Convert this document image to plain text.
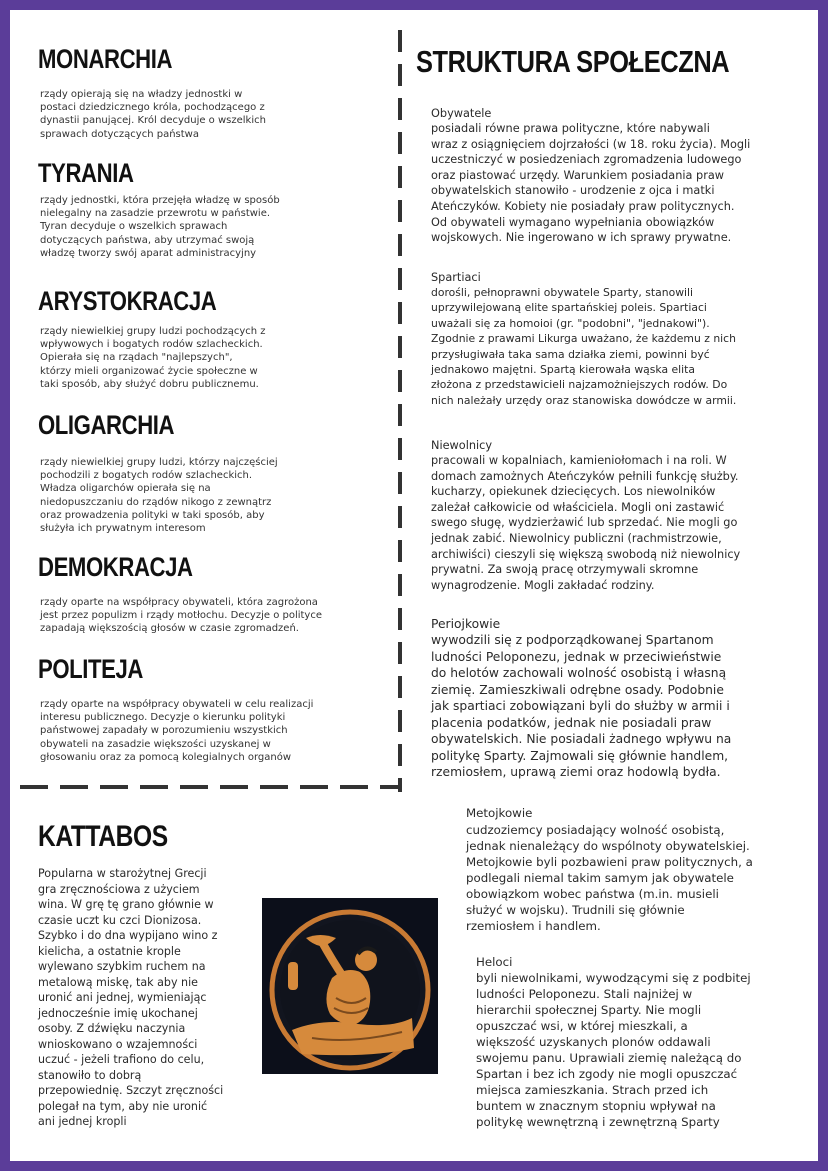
MONARCHIA

rządy opierają się na władzy jednostki w
postaci dziedzicznego króla, pochodzącego z
dynastii panującej. Król decyduje o wszelkich
sprawach dotyczących państwa

TYRANIA

rządy jednostki, która przejęła władzę w sposób
nielegalny na zasadzie przewrotu w państwie.
Tyran decyduje o wszelkich sprawach
dotyczących państwa, aby utrzymać swoją
władzę tworzy swój aparat administracyjny

ARYSTOKRACJA

rządy niewielkiej grupy ludzi pochodzących z
wpływowych i bogatych rodów szlacheckich.
Opierała się na rządach "najlepszych",
którzy mieli organizować życie społeczne w
taki sposób, aby służyć dobru publicznemu.

OLIGARCHIA

rządy niewielkiej grupy ludzi, którzy najczęściej
pochodzili z bogatych rodów szlacheckich.
Władza oligarchów opierała się na
niedopuszczaniu do rządów nikogo z zewnątrz
oraz prowadzenia polityki w taki sposób, aby
służyła ich prywatnym interesom

DEMOKRACJA

rządy oparte na współpracy obywateli, która zagrożona
jest przez populizm i rządy motłochu. Decyzje o polityce
zapadają większością głosów w czasie zgromadzeń.

POLITEJA

rządy oparte na współpracy obywateli w celu realizacji
interesu publicznego. Decyzje o kierunku polityki
państwowej zapadały w porozumieniu wszystkich
obywateli na zasadzie większości uzyskanej w
głosowaniu oraz za pomocą kolegialnych organów

KATTABOS

Popularna w starożytnej Grecji
gra zręcznościowa z użyciem
wina. W grę tę grano głównie w
czasie uczt ku czci Dionizosa.
Szybko i do dna wypijano wino z
kielicha, a ostatnie krople
wylewano szybkim ruchem na
metalową miskę, tak aby nie
uronić ani jednej, wymieniając
jednocześnie imię ukochanej
osoby. Z dźwięku naczynia
wnioskowano o wzajemności
uczuć - jeżeli trafiono do celu,
stanowiło to dobrą
przepowiednię. Szczyt zręczności
polegał na tym, aby nie uronić
ani jednej kropli

STRUKTURA SPOŁECZNA

Obywatele

posiadali równe prawa polityczne, które nabywali
wraz z osiągnięciem dojrzałości (w 18. roku życia). Mogli
uczestniczyć w posiedzeniach zgromadzenia ludowego
oraz piastować urzędy. Warunkiem posiadania praw
obywatelskich stanowiło - urodzenie z ojca i matki
Ateńczyków. Kobiety nie posiadały praw politycznych.
Od obywateli wymagano wypełniania obowiązków
wojskowych. Nie ingerowano w ich sprawy prywatne.

Spartiaci

dorośli, pełnoprawni obywatele Sparty, stanowili
uprzywilejowaną elite spartańskiej poleis. Spartiaci
uważali się za homoioi (gr. "podobni", "jednakowi").
Zgodnie z prawami Likurga uważano, że każdemu z nich
przysługiwała taka sama działka ziemi, powinni być
jednakowo majętni. Spartą kierowała wąska elita
złożona z przedstawicieli najzamożniejszych rodów. Do
nich należały urzędy oraz stanowiska dowódcze w armii.

Niewolnicy

pracowali w kopalniach, kamieniołomach i na roli. W
domach zamożnych Ateńczyków pełnili funkcję służby.
kucharzy, opiekunek dziecięcych. Los niewolników
zależał całkowicie od właściciela. Mogli oni zastawić
swego sługę, wydzierżawić lub sprzedać. Nie mogli go
jednak zabić. Niewolnicy publiczni (rachmistrzowie,
archiwiści) cieszyli się większą swobodą niż niewolnicy
prywatni. Za swoją pracę otrzymywali skromne
wynagrodzenie. Mogli zakładać rodziny.

Periojkowie

wywodzili się z podporządkowanej Spartanom
ludności Peloponezu, jednak w przeciwieństwie
do helotów zachowali wolność osobistą i własną
ziemię. Zamieszkiwali odrębne osady. Podobnie
jak spartiaci zobowiązani byli do służby w armii i
placenia podatków, jednak nie posiadali praw
obywatelskich. Nie posiadali żadnego wpływu na
politykę Sparty. Zajmowali się głównie handlem,
rzemiosłem, uprawą ziemi oraz hodowlą bydła.

Metojkowie

cudzoziemcy posiadający wolność osobistą,
jednak nienależący do wspólnoty obywatelskiej.
Metojkowie byli pozbawieni praw politycznych, a
podlegali niemal takim samym jak obywatele
obowiązkom wobec państwa (m.in. musieli
służyć w wojsku). Trudnili się głównie
rzemiosłem i handlem.

Heloci

byli niewolnikami, wywodzącymi się z podbitej
ludności Peloponezu. Stali najniżej w
hierarchii społecznej Sparty. Nie mogli
opuszczać wsi, w której mieszkali, a
większość uzyskanych plonów oddawali
swojemu panu. Uprawiali ziemię należącą do
Spartan i bez ich zgody nie mogli opuszczać
miejsca zamieszkania. Strach przed ich
buntem w znacznym stopniu wpływał na
politykę wewnętrzną i zewnętrzną Sparty
